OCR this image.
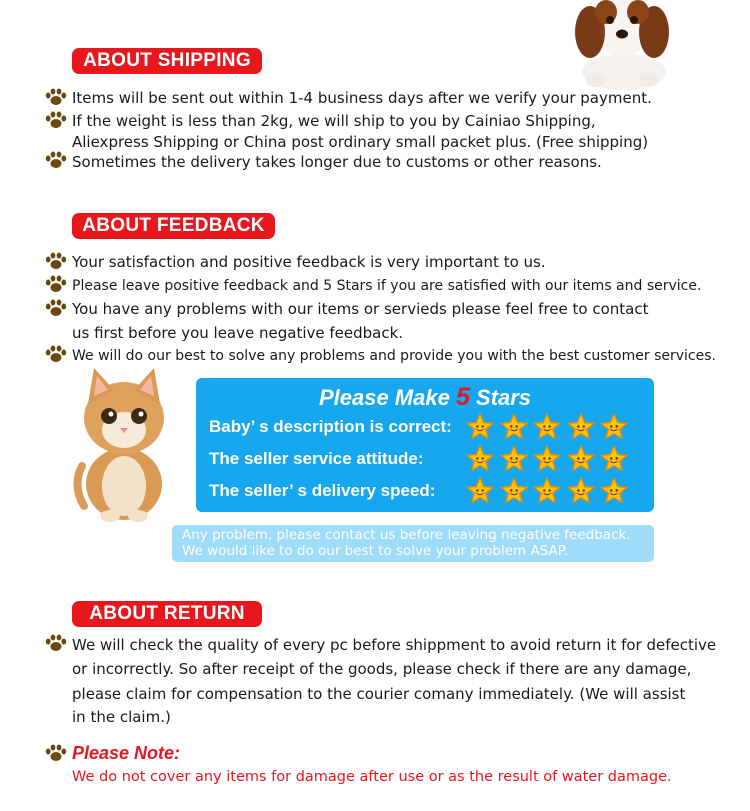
ABOUT SHIPPING
Items will be sent out within 1-4 business days after we verify your payment.
If the weight is less than 2kg, we will ship to you by Cainiao Shipping,
Aliexpress Shipping or China post ordinary small packet plus. (Free shipping)
Sometimes the delivery takes longer due to customs or other reasons.
ABOUT FEEDBACK
Your satisfaction and positive feedback is very important to us.
Please leave positive feedback and 5 Stars if you are satisfied with our items and service.
You have any problems with our items or servieds please feel free to contact
us first before you leave negative feedback.
We will do our best to solve any problems and provide you with the best customer services.
Please Make 5 Stars
Baby’ s description is correct:
The seller service attitude:
The seller’ s delivery speed:
Any problem, please contact us before leaving negative feedback.
We would like to do our best to solve your problem ASAP.
ABOUT RETURN
We will check the quality of every pc before shippment to avoid return it for defective
or incorrectly. So after receipt of the goods, please check if there are any damage,
please claim for compensation to the courier comany immediately. (We will assist
in the claim.)
Please Note:
We do not cover any items for damage after use or as the result of water damage.
